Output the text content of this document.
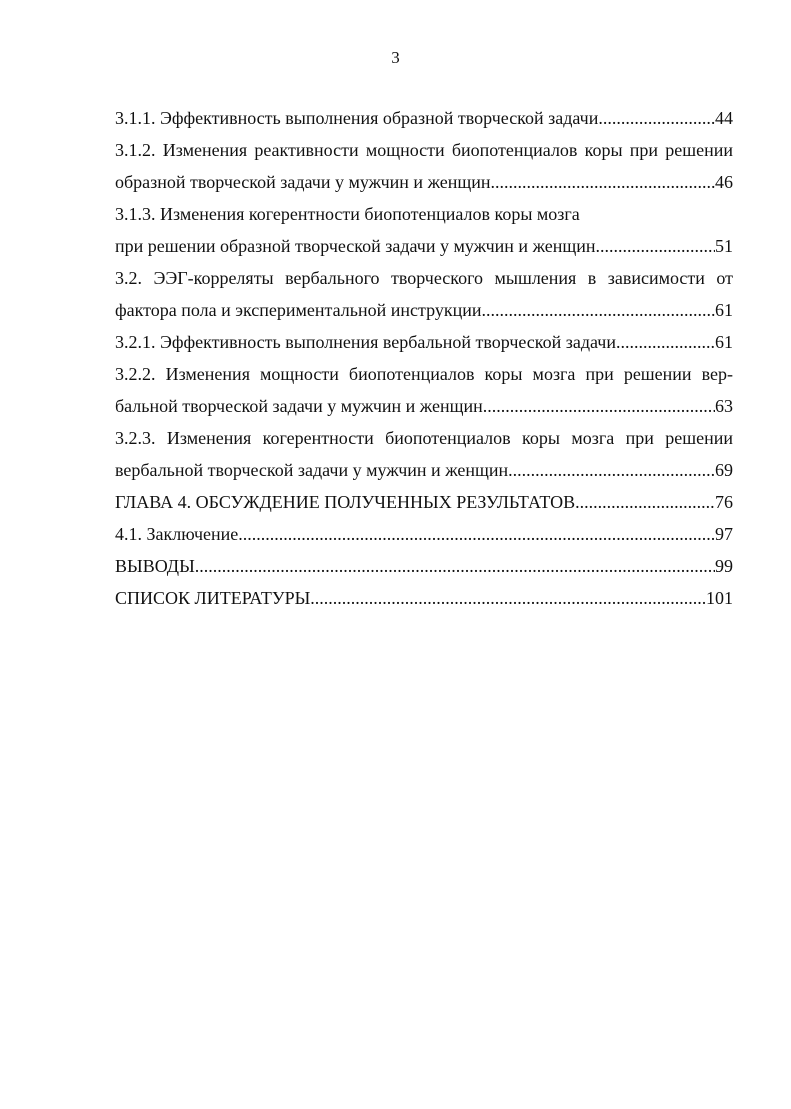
3
3.1.1. Эффективность выполнения образной творческой задачи .....	44
3.1.2. Изменения реактивности мощности биопотенциалов коры при решении
образной творческой задачи у мужчин и женщин .....	46
3.1.3. Изменения когерентности биопотенциалов коры мозга
при решении образной творческой задачи у мужчин и женщин .....	51
3.2. ЭЭГ-корреляты вербального творческого мышления в зависимости от
фактора пола и экспериментальной инструкции .....	61
3.2.1. Эффективность выполнения вербальной творческой задачи .....	61
3.2.2. Изменения мощности биопотенциалов коры мозга при решении вер-
бальной творческой задачи у мужчин и женщин .....	63
3.2.3. Изменения когерентности биопотенциалов коры мозга при решении
вербальной творческой задачи у мужчин и женщин .....	69
ГЛАВА 4. ОБСУЖДЕНИЕ ПОЛУЧЕННЫХ РЕЗУЛЬТАТОВ .....	76
4.1. Заключение .....	97
ВЫВОДЫ .....	99
СПИСОК ЛИТЕРАТУРЫ .....	101
